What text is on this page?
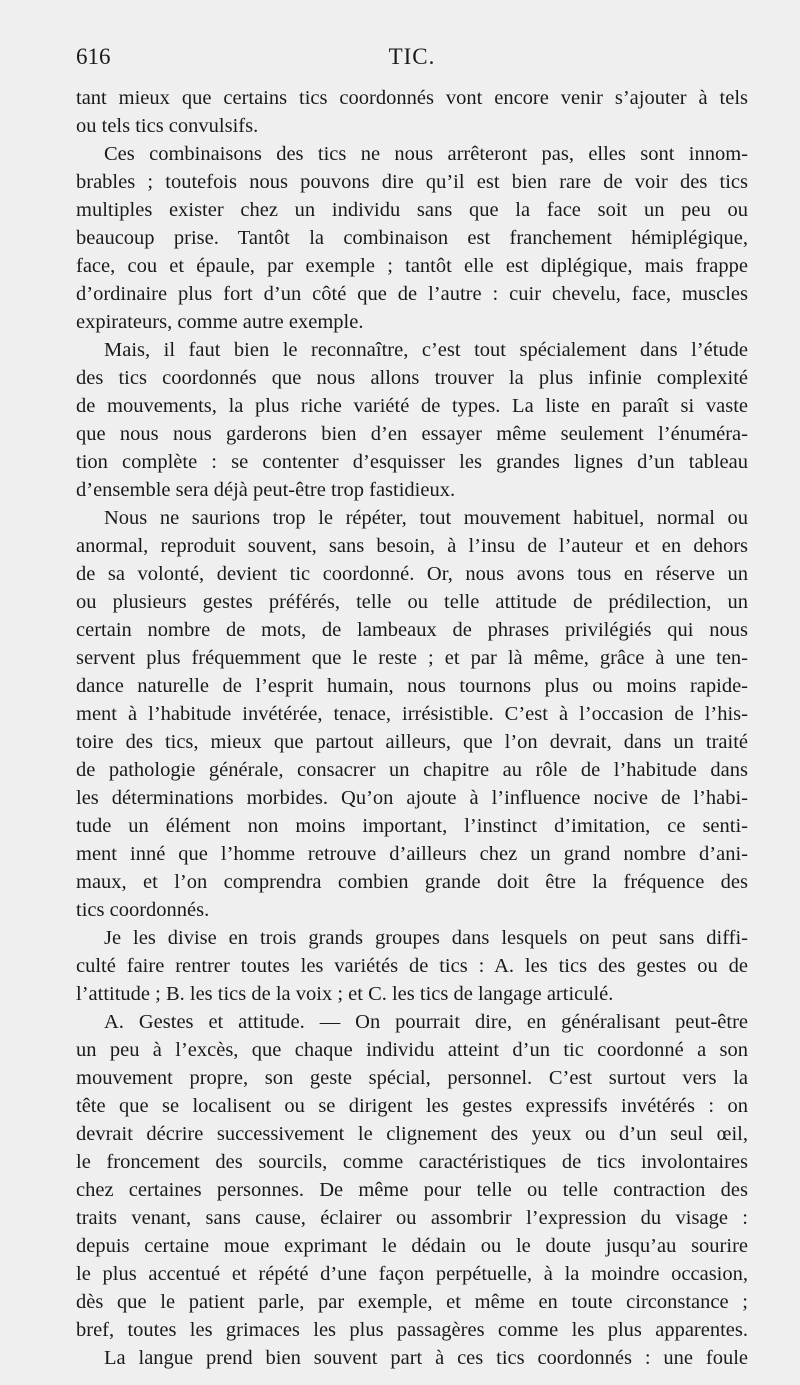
616	TIC.
tant mieux que certains tics coordonnés vont encore venir s’ajouter à tels
ou tels tics convulsifs.
Ces combinaisons des tics ne nous arrêteront pas, elles sont innom-
brables ; toutefois nous pouvons dire qu’il est bien rare de voir des tics
multiples exister chez un individu sans que la face soit un peu ou
beaucoup prise. Tantôt la combinaison est franchement hémiplégique,
face, cou et épaule, par exemple ; tantôt elle est diplégique, mais frappe
d’ordinaire plus fort d’un côté que de l’autre : cuir chevelu, face, muscles
expirateurs, comme autre exemple.
Mais, il faut bien le reconnaître, c’est tout spécialement dans l’étude
des tics coordonnés que nous allons trouver la plus infinie complexité
de mouvements, la plus riche variété de types. La liste en paraît si vaste
que nous nous garderons bien d’en essayer même seulement l’énuméra-
tion complète : se contenter d’esquisser les grandes lignes d’un tableau
d’ensemble sera déjà peut-être trop fastidieux.
Nous ne saurions trop le répéter, tout mouvement habituel, normal ou
anormal, reproduit souvent, sans besoin, à l’insu de l’auteur et en dehors
de sa volonté, devient tic coordonné. Or, nous avons tous en réserve un
ou plusieurs gestes préférés, telle ou telle attitude de prédilection, un
certain nombre de mots, de lambeaux de phrases privilégiés qui nous
servent plus fréquemment que le reste ; et par là même, grâce à une ten-
dance naturelle de l’esprit humain, nous tournons plus ou moins rapide-
ment à l’habitude invétérée, tenace, irrésistible. C’est à l’occasion de l’his-
toire des tics, mieux que partout ailleurs, que l’on devrait, dans un traité
de pathologie générale, consacrer un chapitre au rôle de l’habitude dans
les déterminations morbides. Qu’on ajoute à l’influence nocive de l’habi-
tude un élément non moins important, l’instinct d’imitation, ce senti-
ment inné que l’homme retrouve d’ailleurs chez un grand nombre d’ani-
maux, et l’on comprendra combien grande doit être la fréquence des
tics coordonnés.
Je les divise en trois grands groupes dans lesquels on peut sans diffi-
culté faire rentrer toutes les variétés de tics : A. les tics des gestes ou de
l’attitude ; B. les tics de la voix ; et C. les tics de langage articulé.
A. Gestes et attitude. — On pourrait dire, en généralisant peut-être
un peu à l’excès, que chaque individu atteint d’un tic coordonné a son
mouvement propre, son geste spécial, personnel. C’est surtout vers la
tête que se localisent ou se dirigent les gestes expressifs invétérés : on
devrait décrire successivement le clignement des yeux ou d’un seul œil,
le froncement des sourcils, comme caractéristiques de tics involontaires
chez certaines personnes. De même pour telle ou telle contraction des
traits venant, sans cause, éclairer ou assombrir l’expression du visage :
depuis certaine moue exprimant le dédain ou le doute jusqu’au sourire
le plus accentué et répété d’une façon perpétuelle, à la moindre occasion,
dès que le patient parle, par exemple, et même en toute circonstance ;
bref, toutes les grimaces les plus passagères comme les plus apparentes.
La langue prend bien souvent part à ces tics coordonnés : une foule
